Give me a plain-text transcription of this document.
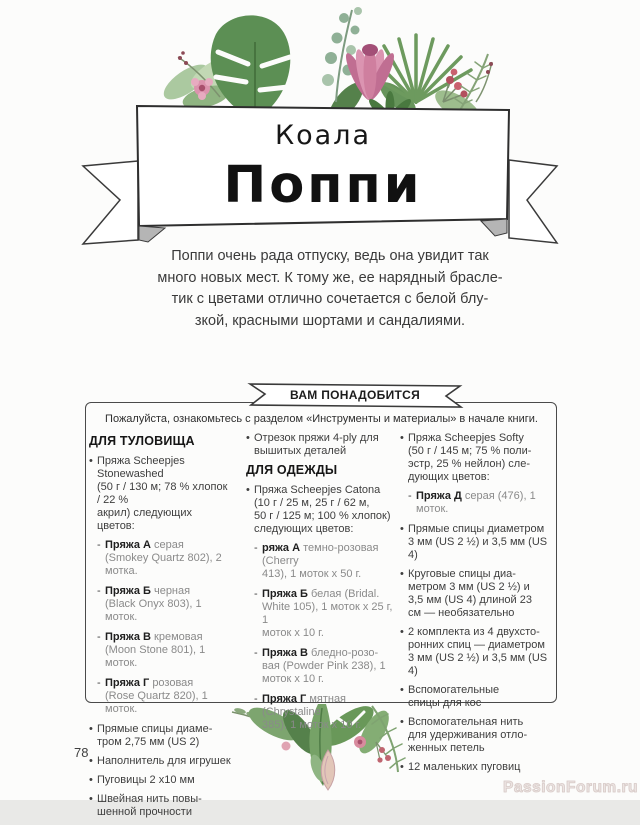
Коала
Поппи
Поппи очень рада отпуску, ведь она увидит так
много новых мест. К тому же, ее нарядный брасле-
тик с цветами отлично сочетается с белой блу-
зкой, красными шортами и сандалиями.
ВАМ ПОНАДОБИТСЯ
Пожалуйста, ознакомьтесь с разделом «Инструменты и материалы» в начале книги.
ДЛЯ ТУЛОВИЩА
• Пряжа Scheepjes Stonewashed
(50 г / 130 м; 78 % хлопок / 22 %
акрил) следующих цветов:
- Пряжа А серая
(Smokey Quartz 802), 2 мотка.
- Пряжа Б черная
(Black Onyx 803), 1 моток.
- Пряжа В кремовая
(Moon Stone 801), 1 моток.
- Пряжа Г розовая
(Rose Quartz 820), 1 моток.
• Прямые спицы диаме-
тром 2,75 мм (US 2)
• Наполнитель для игрушек
• Пуговицы 2 х10 мм
• Швейная нить повы-
шенной прочности
• Отрезок пряжи 4-ply для
вышитых деталей
ДЛЯ ОДЕЖДЫ
• Пряжа Scheepjes Catona
(10 г / 25 м, 25 г / 62 м,
50 г / 125 м; 100 % хлопок)
следующих цветов:
- ряжа А темно-розовая (Cherry
413), 1 моток х 50 г.
- Пряжа Б белая (Bridal.
White 105), 1 моток х 25 г, 1
моток х 10 г.
- Пряжа В бледно-розо-
вая (Powder Pink 238), 1
моток х 10 г.
- Пряжа Г мятная (Chrystaline
385), 1 моток х 10 г.
• Пряжа Scheepjes Softy
(50 г / 145 м; 75 % поли-
эстр, 25 % нейлон) сле-
дующих цветов:
- Пряжа Д серая (476), 1 моток.
• Прямые спицы диаметром
3 мм (US 2 ½) и 3,5 мм (US 4)
• Круговые спицы диа-
метром 3 мм (US 2 ½) и
3,5 мм (US 4) длиной 23
см — необязательно
• 2 комплекта из 4 двухсто-
ронних спиц — диаметром
3 мм (US 2 ½) и 3,5 мм (US 4)
• Вспомогательные
спицы для кос
• Вспомогательная нить
для удерживания отло-
женных петель
• 12 маленьких пуговиц
78
PassionForum.ru
